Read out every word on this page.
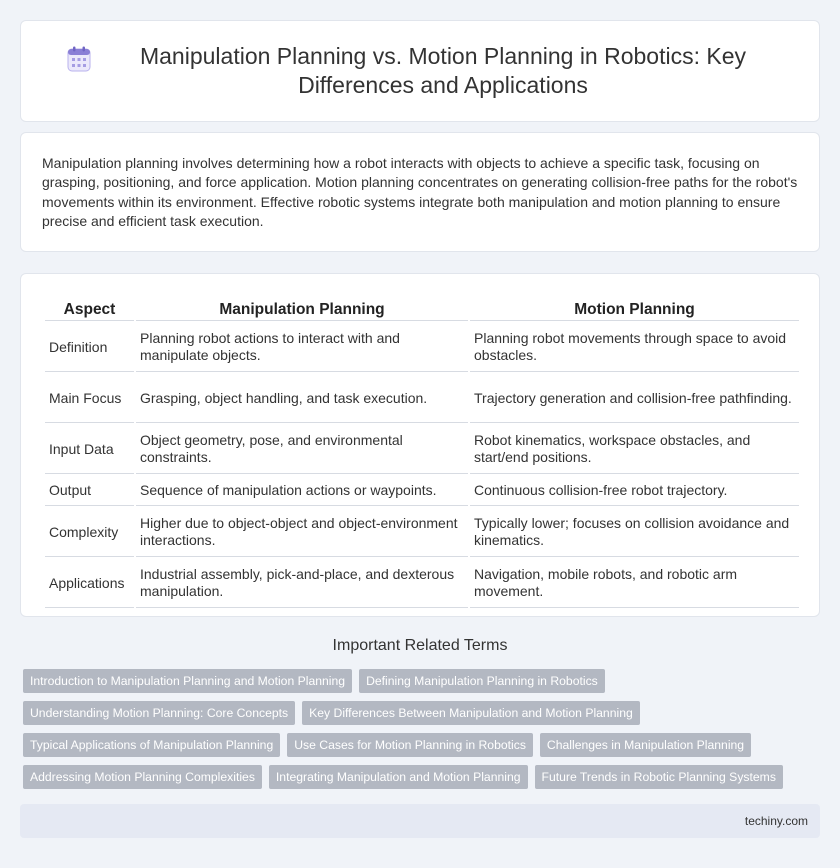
Manipulation Planning vs. Motion Planning in Robotics: Key Differences and Applications

Manipulation planning involves determining how a robot interacts with objects to achieve a specific task, focusing on grasping, positioning, and force application. Motion planning concentrates on generating collision-free paths for the robot's movements within its environment. Effective robotic systems integrate both manipulation and motion planning to ensure precise and efficient task execution.

Aspect	Manipulation Planning	Motion Planning
Definition	Planning robot actions to interact with and manipulate objects.	Planning robot movements through space to avoid obstacles.
Main Focus	Grasping, object handling, and task execution.	Trajectory generation and collision-free pathfinding.
Input Data	Object geometry, pose, and environmental constraints.	Robot kinematics, workspace obstacles, and start/end positions.
Output	Sequence of manipulation actions or waypoints.	Continuous collision-free robot trajectory.
Complexity	Higher due to object-object and object-environment interactions.	Typically lower; focuses on collision avoidance and kinematics.
Applications	Industrial assembly, pick-and-place, and dexterous manipulation.	Navigation, mobile robots, and robotic arm movement.
Important Related Terms
Introduction to Manipulation Planning and Motion Planning	Defining Manipulation Planning in Robotics
Understanding Motion Planning: Core Concepts	Key Differences Between Manipulation and Motion Planning
Typical Applications of Manipulation Planning	Use Cases for Motion Planning in Robotics	Challenges in Manipulation Planning
Addressing Motion Planning Complexities	Integrating Manipulation and Motion Planning	Future Trends in Robotic Planning Systems
techiny.com
